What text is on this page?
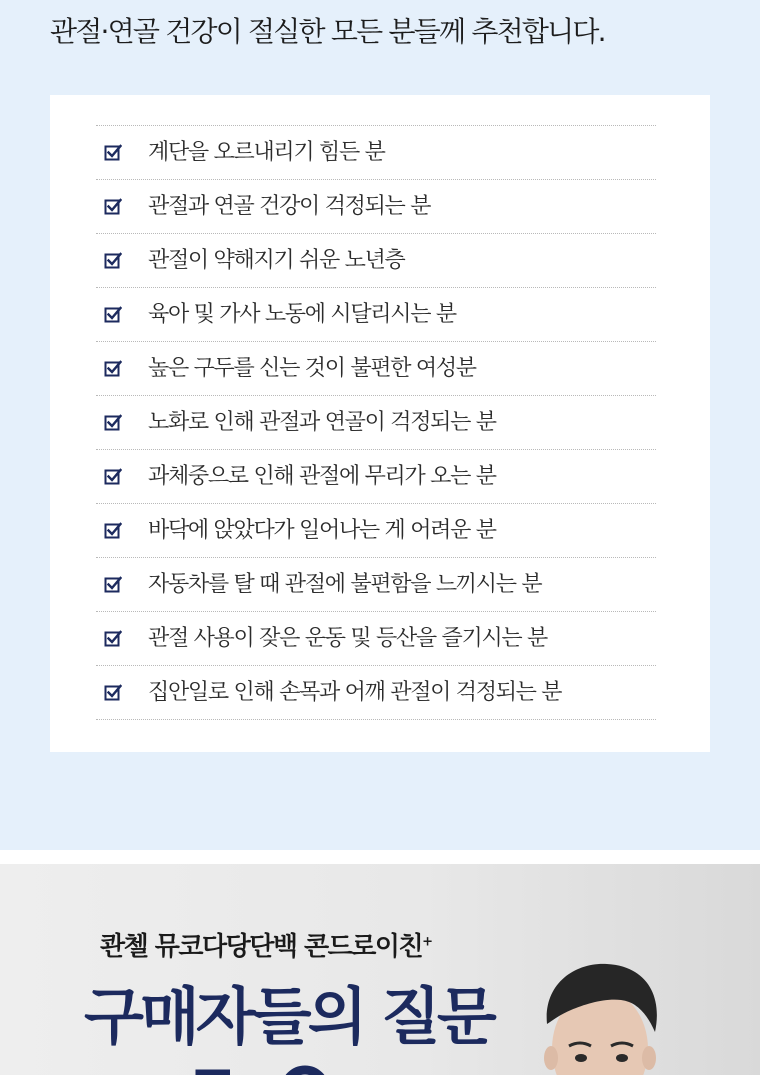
관절·연골 건강이 절실한 모든 분들께 추천합니다.
계단을 오르내리기 힘든 분
관절과 연골 건강이 걱정되는 분
관절이 약해지기 쉬운 노년층
육아 및 가사 노동에 시달리시는 분
높은 구두를 신는 것이 불편한 여성분
노화로 인해 관절과 연골이 걱정되는 분
과체중으로 인해 관절에 무리가 오는 분
바닥에 앉았다가 일어나는 게 어려운 분
자동차를 탈 때 관절에 불편함을 느끼시는 분
관절 사용이 잦은 운동 및 등산을 즐기시는 분
집안일로 인해 손목과 어깨 관절이 걱정되는 분
콴첼 뮤코다당단백 콘드로이친+
구매자들의 질문
